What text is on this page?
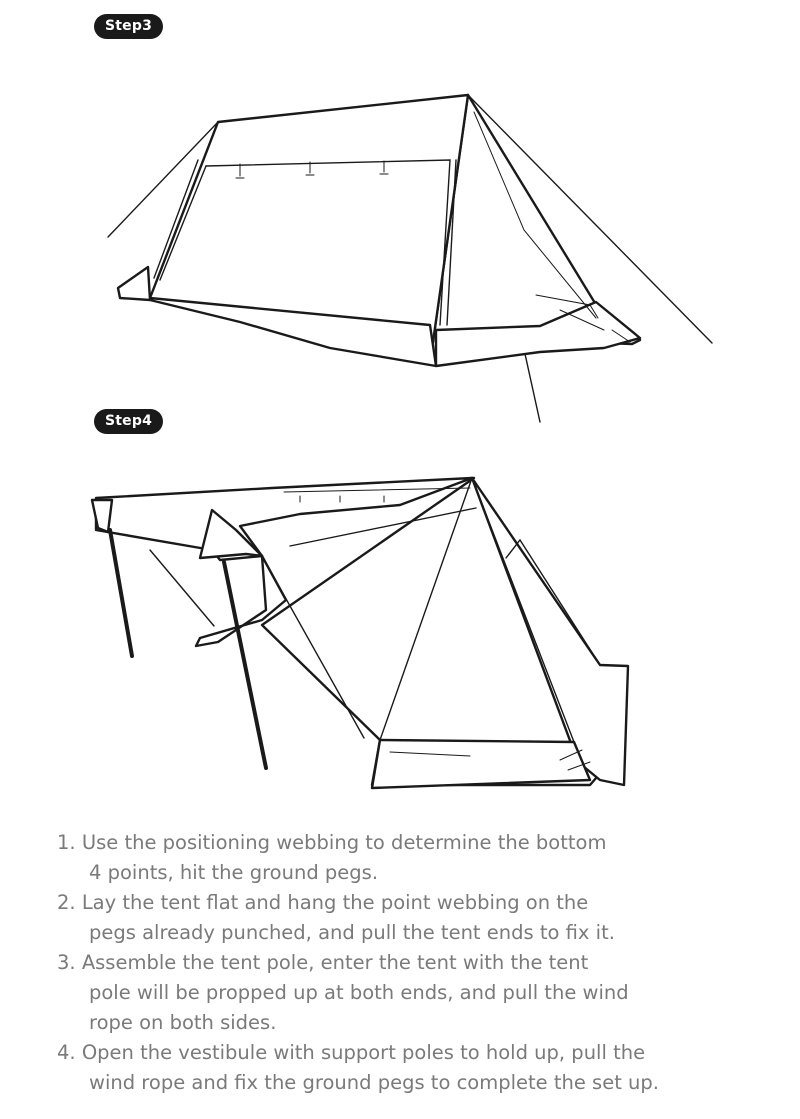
Step3
Step4
1. Use the positioning webbing to determine the bottom
4 points, hit the ground pegs.
2. Lay the tent flat and hang the point webbing on the
pegs already punched, and pull the tent ends to fix it.
3. Assemble the tent pole, enter the tent with the tent
pole will be propped up at both ends, and pull the wind
rope on both sides.
4. Open the vestibule with support poles to hold up, pull the
wind rope and fix the ground pegs to complete the set up.
